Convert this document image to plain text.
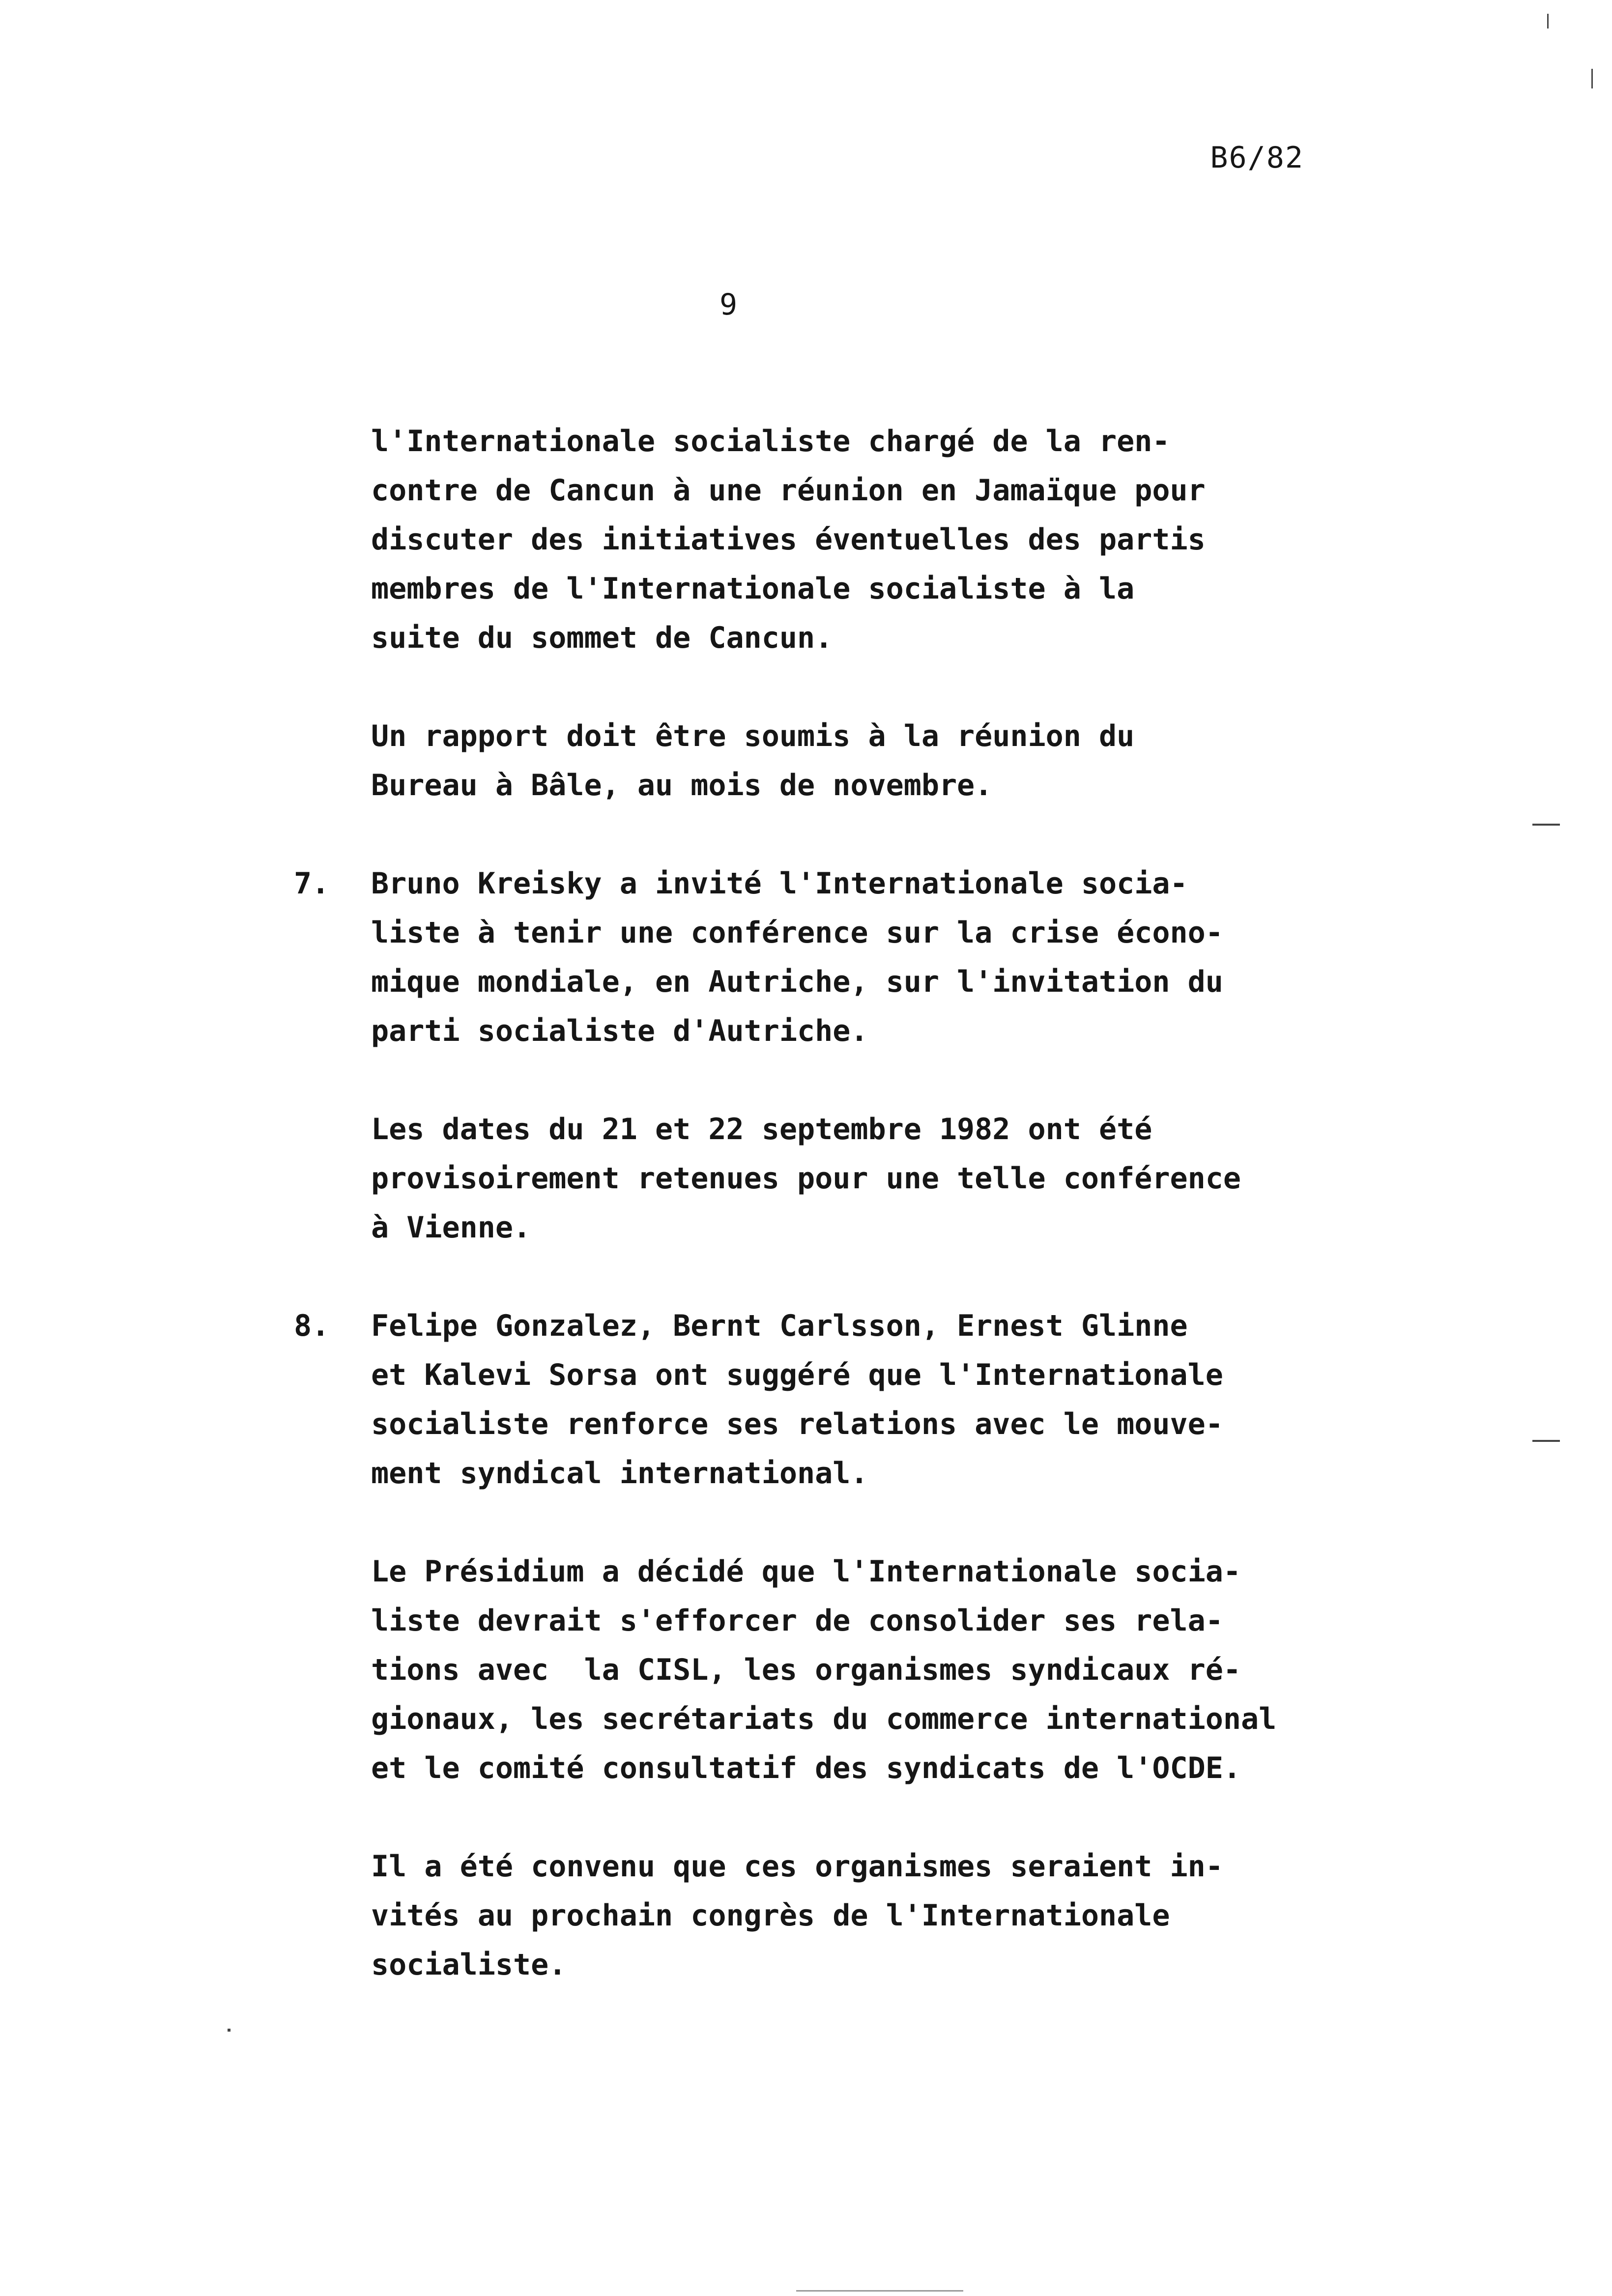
B6/82
9
l'Internationale socialiste chargé de la ren-
contre de Cancun à une réunion en Jamaïque pour
discuter des initiatives éventuelles des partis
membres de l'Internationale socialiste à la
suite du sommet de Cancun.
Un rapport doit être soumis à la réunion du
Bureau à Bâle, au mois de novembre.
7. Bruno Kreisky a invité l'Internationale socia-
liste à tenir une conférence sur la crise écono-
mique mondiale, en Autriche, sur l'invitation du
parti socialiste d'Autriche.
Les dates du 21 et 22 septembre 1982 ont été
provisoirement retenues pour une telle conférence
à Vienne.
8. Felipe Gonzalez, Bernt Carlsson, Ernest Glinne
et Kalevi Sorsa ont suggéré que l'Internationale
socialiste renforce ses relations avec le mouve-
ment syndical international.
Le Présidium a décidé que l'Internationale socia-
liste devrait s'efforcer de consolider ses rela-
tions avec  la CISL, les organismes syndicaux ré-
gionaux, les secrétariats du commerce international
et le comité consultatif des syndicats de l'OCDE.
Il a été convenu que ces organismes seraient in-
vités au prochain congrès de l'Internationale
socialiste.
